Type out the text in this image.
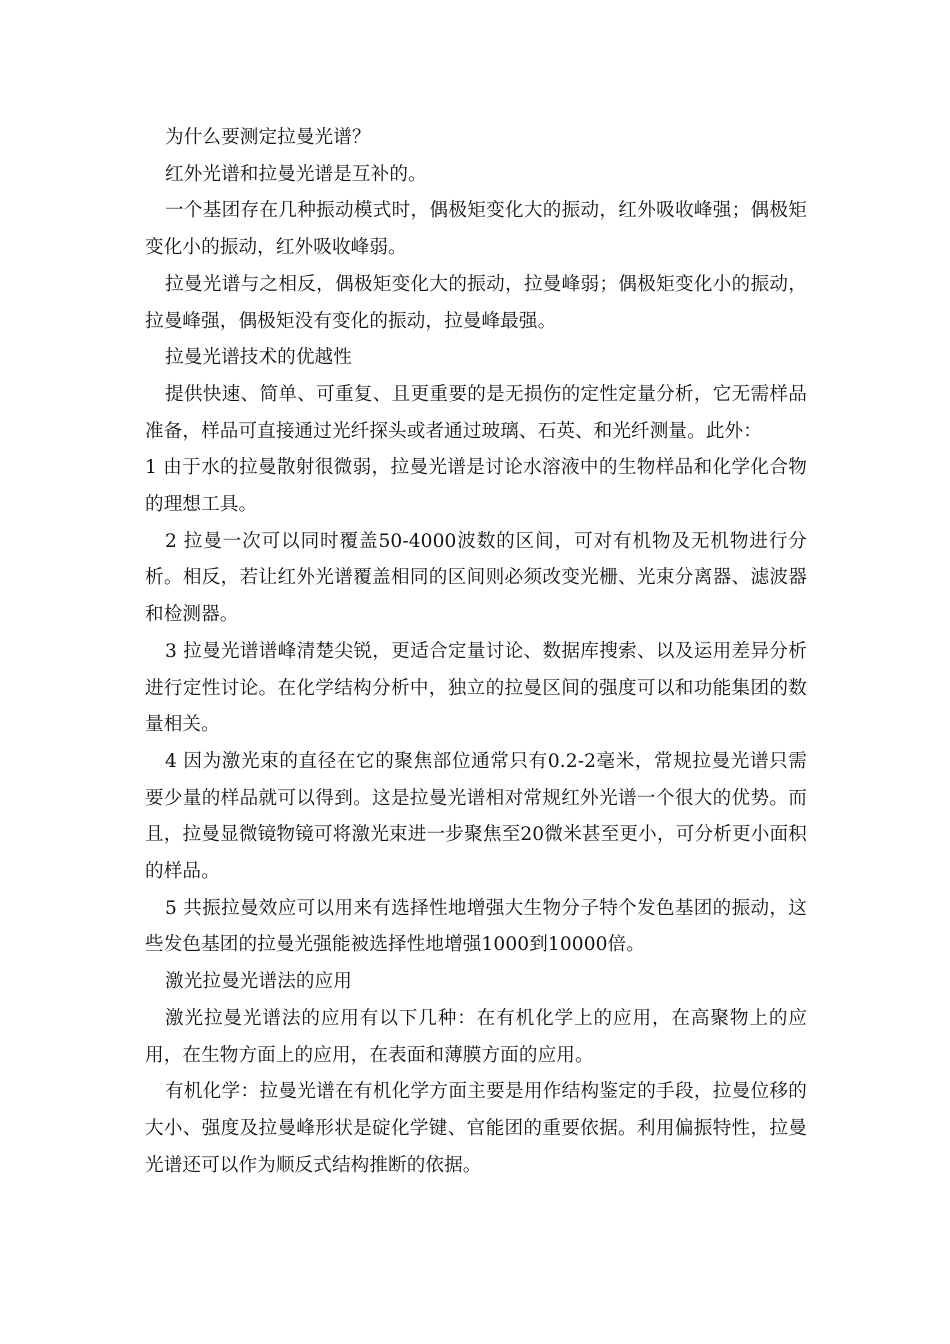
为什么要测定拉曼光谱？

红外光谱和拉曼光谱是互补的。

一个基团存在几种振动模式时，偶极矩变化大的振动，红外吸收峰强；偶极矩变化小的振动，红外吸收峰弱。

拉曼光谱与之相反，偶极矩变化大的振动，拉曼峰弱；偶极矩变化小的振动，拉曼峰强，偶极矩没有变化的振动，拉曼峰最强。

拉曼光谱技术的优越性

提供快速、简单、可重复、且更重要的是无损伤的定性定量分析，它无需样品准备，样品可直接通过光纤探头或者通过玻璃、石英、和光纤测量。此外：

1 由于水的拉曼散射很微弱，拉曼光谱是讨论水溶液中的生物样品和化学化合物的理想工具。

2 拉曼一次可以同时覆盖50-4000波数的区间，可对有机物及无机物进行分析。相反，若让红外光谱覆盖相同的区间则必须改变光栅、光束分离器、滤波器和检测器。

3 拉曼光谱谱峰清楚尖锐，更适合定量讨论、数据库搜索、以及运用差异分析进行定性讨论。在化学结构分析中，独立的拉曼区间的强度可以和功能集团的数量相关。

4 因为激光束的直径在它的聚焦部位通常只有0.2-2毫米，常规拉曼光谱只需要少量的样品就可以得到。这是拉曼光谱相对常规红外光谱一个很大的优势。而且，拉曼显微镜物镜可将激光束进一步聚焦至20微米甚至更小，可分析更小面积的样品。

5 共振拉曼效应可以用来有选择性地增强大生物分子特个发色基团的振动，这些发色基团的拉曼光强能被选择性地增强1000到10000倍。

激光拉曼光谱法的应用

激光拉曼光谱法的应用有以下几种：在有机化学上的应用，在高聚物上的应用，在生物方面上的应用，在表面和薄膜方面的应用。

有机化学：拉曼光谱在有机化学方面主要是用作结构鉴定的手段，拉曼位移的大小、强度及拉曼峰形状是碇化学键、官能团的重要依据。利用偏振特性，拉曼光谱还可以作为顺反式结构推断的依据。
